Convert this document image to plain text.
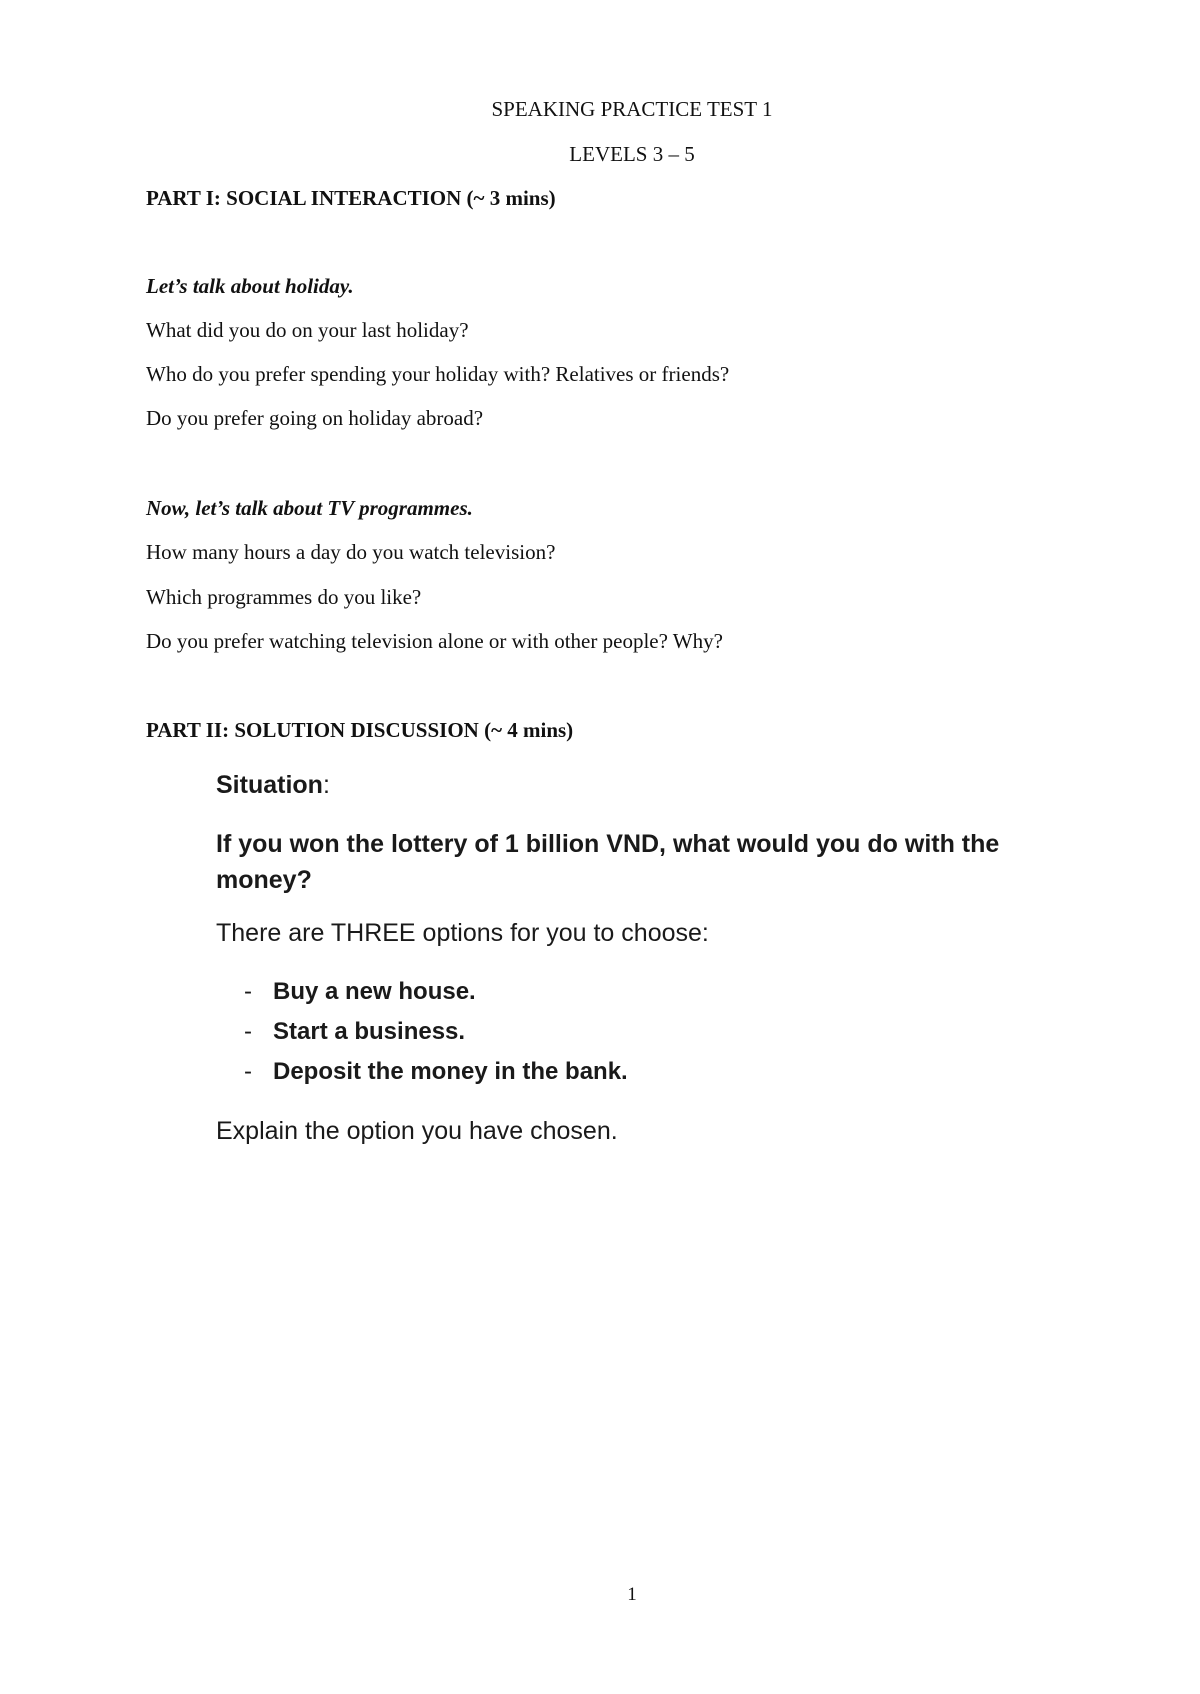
SPEAKING PRACTICE TEST 1
LEVELS 3 – 5
PART I: SOCIAL INTERACTION (~ 3 mins)
Let’s talk about holiday.
What did you do on your last holiday?
Who do you prefer spending your holiday with? Relatives or friends?
Do you prefer going on holiday abroad?
Now, let’s talk about TV programmes.
How many hours a day do you watch television?
Which programmes do you like?
Do you prefer watching television alone or with other people? Why?
PART II: SOLUTION DISCUSSION (~ 4 mins)
Situation:
If you won the lottery of 1 billion VND, what would you do with the money?
There are THREE options for you to choose:
- Buy a new house.
- Start a business.
- Deposit the money in the bank.
Explain the option you have chosen.
1
